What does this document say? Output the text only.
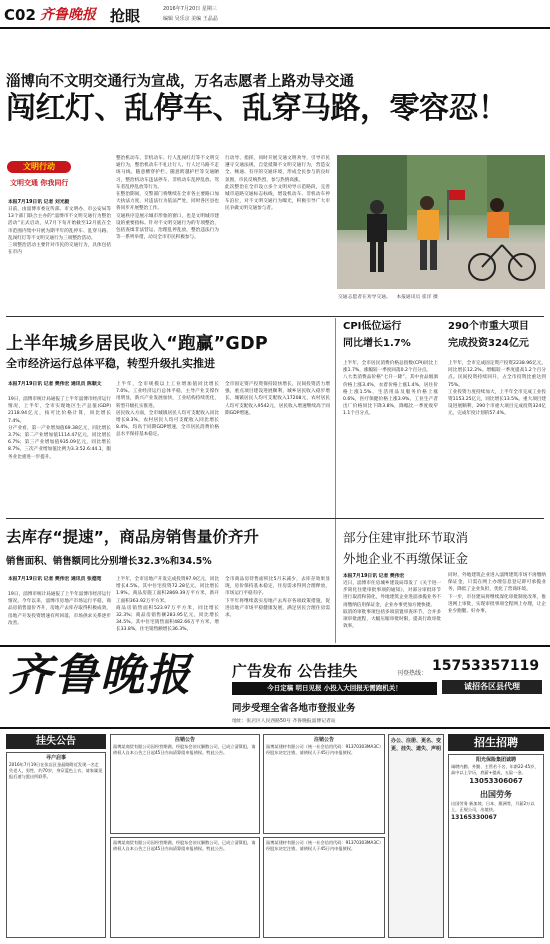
C02 齐鲁晚报 抢眼	2016年7月20日 星期三
编辑 吴乐京 美编 王晶晶
淄博向不文明交通行为宣战，万名志愿者上路劝导交通
闯红灯、乱停车、乱穿马路，零容忍！
文明行动
文明交通 你我同行
本报7月19日讯 记者 刘光毅
日前，由淄博市委宣传部、市文明办、市公安局等13个部门联合主办的“淄博市不文明交通行为整治活动”正式启动，从7月下旬开始截至12月底在全市范围内集中开展为期半年的乱停车、乱穿马路、乱闯红灯等不文明交通行为三项整治活动。
三项整治活动主要针对市民的交通行为，具体包括在市内
整治机动车、非机动车、行人乱闯红灯等不文明交通行为，整治机动车不礼让行人、行人过马路不走斑马线、随意横穿护栏、随意跨越护栏等交通陋习，整治机动车违法停车、非机动车乱停乱放、驾车者乱停乱放等行为。
在整治期间，交警部门将继续在全市各主要路口加大执法力度，对违法行为依法严处，同时各区县也将同步开展整治工作。
交通秩序是展示城市形象的窗口，也是文明城市建设的重要指标。针对不文明交通行为的专项整治，包括查缉非法营运、治理乱停乱放，整治违法行为等一系列举措，动员全市市民积极参与。
行动导、指挥，同时开展交通文明劝导，引导市民遵守交通法规，自觉抵制不文明交通行为，营造安全、畅通、有序的交通环境，形成全民参与的良好氛围，市民反响热烈，参与热情高涨。
此次整治在全市设立多个文明劝导示范路段，完善城市道路交通标志标线，增设机动车、非机动车停车泊位，对不文明交通行为曝光，积极引导广大市民争做文明交通参与者。
交通志愿者在劝导交通。 本报通讯员 崔洋 摄
上半年城乡居民收入“跑赢”GDP
全市经济运行总体平稳，转型升级扎实推进
本报7月19日讯 记者 樊伟宏 通讯员 陈顺文
19日，淄博市统计局通报了上半年淄博市经济运行情况，上半年，全市实现地区生产总值(GDP) 2118.94亿元，按可比价格计算，同比增长7.4%。
分产业看，第一产业增加值69.38亿元，同比增长3.7%；第二产业增加值1114.47亿元，同比增长6.7%；第三产业增加值935.09亿元，同比增长8.7%，三次产业增加值比例为3.3:52.6:44.1，服务业比重进一步提升。
上半年，全市规模以上工业增加值同比增长7.0%。工业经济运行总体平稳，主导产业支撑作用明显，新兴产业发展加快，工业结构持续优化，转型升级扎实推进。
居民收入方面，全市城镇居民人均可支配收入同比增长8.3%，农村居民人均可支配收入同比增长8.4%，均高于同期GDP增速，全市居民消费价格总水平保持基本稳定。
全市固定资产投资保持较快增长，民间投资活力增强，重点项目建设进展顺利，城乡居民收入稳步增长，城镇居民人均可支配收入17208元，农村居民人均可支配收入9542元，居民收入增速继续高于同期GDP增速。
CPI低位运行
同比增长1.7%
上半年，全市居民消费价格总指数(CPI)同比上涨1.7%，涨幅较一季度回落0.2个百分点。
八大类消费品价格“七升一降”。其中食品烟酒价格上涨3.4%，衣着价格上涨1.4%，居住价格上涨1.5%，生活用品及服务价格上涨0.6%，医疗保健价格上涨3.9%。工业生产者出厂价格同比下降3.8%，降幅比一季度收窄1.1个百分点。
290个市重大项目
完成投资324亿元
上半年，全市完成固定资产投资2238.96亿元，同比增长12.2%。增幅较一季度提高1.2个百分点。民间投资持续回升，占全市投资比重达到75%。
工业投资力度持续加大，上半年全市完成工业投资1153.25亿元，同比增长13.5%。重大项目建设进展顺利，290个市重大项目完成投资324亿元，完成年度计划的57.4%。
去库存“提速”，商品房销售量价齐升
销售面积、销售额同比分别增长32.3%和34.5%
本报7月19日讯 记者 樊伟宏 通讯员 张德宽
19日，淄博市统计局通报了上半年淄博市经济运行情况。今年以来，淄博市房地产市场运行平稳，商品房销售量价齐升，房地产去库存取得积极成效，房地产开发投资增速有所回落，市场供求关系逐步改善。
上半年，全市房地产开发完成投资97.9亿元，同比增长4.5%。其中住宅投资72.28亿元，同比增长1.9%。商品房施工面积2869.39万平方米，新开工面积363.92万平方米。
商品房销售面积523.97万平方米，同比增长32.3%；商品房销售额283.95亿元，同比增长34.5%。其中住宅销售面积482.66万平方米，增长33.8%，住宅销售额增长36.3%。
全市商品房待售面积比5月末减少，去库存效果显现，房价保持基本稳定，住房需求得到合理释放，市场运行平稳有序。
下半年将继续落实房地产去库存各项政策措施，促进房地产市场平稳健康发展，满足居民合理住房需求。
部分住建审批环节取消
外地企业不再缴保证金
本报7月19日讯 记者 樊伟宏
近日，淄博市住房城乡建设局印发了《关于进一步简化住建审批事项的通知》，对部分审批环节进行取消和简化，外地建筑企业进淄承揽业务不再缴纳信用保证金，企业办事更加方便快捷。
取消的审批事项包括多项前置审查环节，合并多项审批流程，大幅压缩审批时限，提高行政审批效率。
同时，外地建筑企业进入淄博建筑市场不再缴纳保证金，只需在网上办理信息登记即可承揽业务，降低了企业负担，优化了营商环境。
下一步，市住建局将继续深化审批制度改革，推进网上审批，实现审批事项全程网上办理，让企业少跑腿、好办事。
齐鲁晚报	广告发布 公告挂失	刊登热线： 15753357119
诚招各区县代理
今日定稿 明日见报 小投入大回报无需跑机关！
同步受理全省各地市登报业务
地址：张店区人民西路50号 齐鲁晚报淄博记者站
挂失公告
寻户启事
2016年7月19日在张店区金晶路附近发现一名走失老人，男性，约70岁，身穿蓝色上衣，请家属见报后速与派出所联系。
注销公告
淄博某商贸有限公司因经营期满，经股东会决议解散公司，已成立清算组，请债权人自本公告之日起45日内向清算组申报债权。特此公告。
注销公告
淄博某建材有限公司（统一社会信用代码：91370303MA3C）经股东决定注销，请债权人于45日内申报债权。
淄博某商贸有限公司因经营期满，经股东会决议解散公司，已成立清算组，请债权人自本公告之日起45日内向清算组申报债权。特此公告。
淄博某建材有限公司（统一社会信用代码：91370303MA3C）经股东决定注销，请债权人于45日内申报债权。
办公、注册、更名、变更、挂失、遗失、声明	招生招聘
阳光保险集团诚聘
诚聘内勤、外勤、主管若干名，年龄22-45岁，高中以上学历，底薪+提成，五险一金。
13053306067
出国劳务
出国劳务 新加坡、日本、澳洲等，月薪2万以上，正规公司，出境快。
13165330067
